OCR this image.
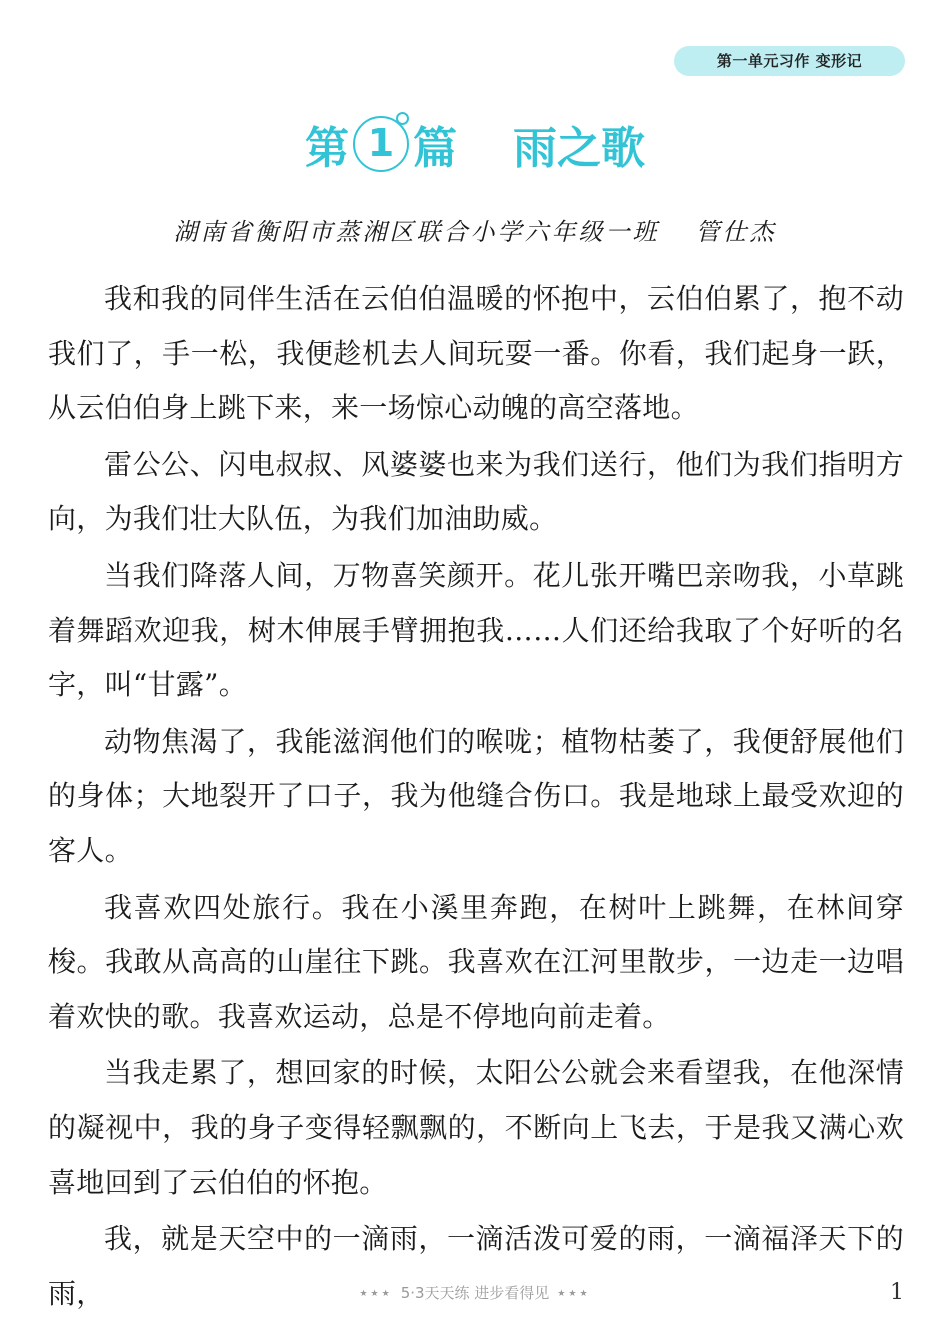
第一单元习作 变形记
第 1 篇 雨之歌
湖南省衡阳市蒸湘区联合小学六年级一班 管仕杰

我和我的同伴生活在云伯伯温暖的怀抱中，云伯伯累了，抱不动我们了，手一松，我便趁机去人间玩耍一番。你看，我们起身一跃，从云伯伯身上跳下来，来一场惊心动魄的高空落地。

雷公公、闪电叔叔、风婆婆也来为我们送行，他们为我们指明方向，为我们壮大队伍，为我们加油助威。

当我们降落人间，万物喜笑颜开。花儿张开嘴巴亲吻我，小草跳着舞蹈欢迎我，树木伸展手臂拥抱我……人们还给我取了个好听的名字，叫“甘露”。

动物焦渴了，我能滋润他们的喉咙；植物枯萎了，我便舒展他们的身体；大地裂开了口子，我为他缝合伤口。我是地球上最受欢迎的客人。

我喜欢四处旅行。我在小溪里奔跑，在树叶上跳舞，在林间穿梭。我敢从高高的山崖往下跳。我喜欢在江河里散步，一边走一边唱着欢快的歌。我喜欢运动，总是不停地向前走着。

当我走累了，想回家的时候，太阳公公就会来看望我，在他深情的凝视中，我的身子变得轻飘飘的，不断向上飞去，于是我又满心欢喜地回到了云伯伯的怀抱。

我，就是天空中的一滴雨，一滴活泼可爱的雨，一滴福泽天下的雨，	★★★ 5·3天天练 进步看得见 ★★★	1
